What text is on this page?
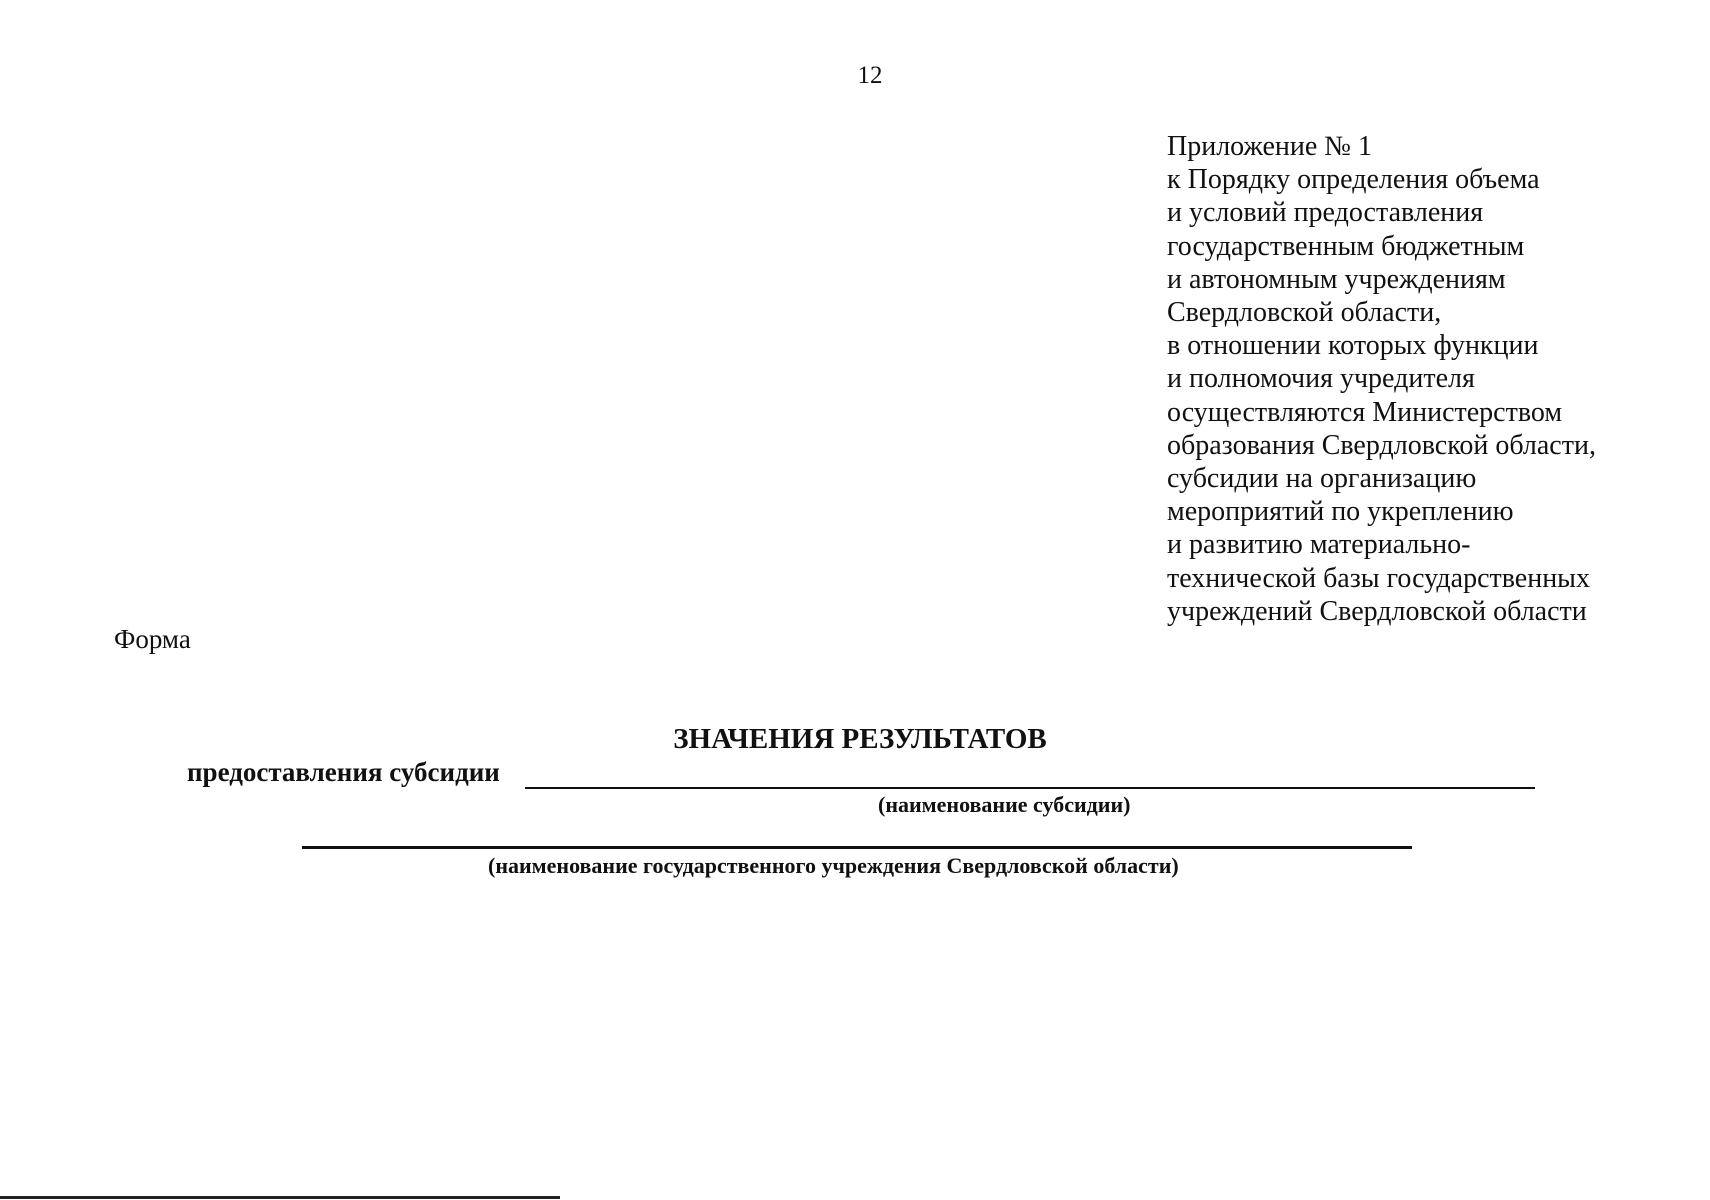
12
Приложение № 1
к Порядку определения объема
и условий предоставления
государственным бюджетным
и автономным учреждениям
Свердловской области,
в отношении которых функции
и полномочия учредителя
осуществляются Министерством
образования Свердловской области,
субсидии на организацию
мероприятий по укреплению
и развитию материально-
технической базы государственных
учреждений Свердловской области
Форма
ЗНАЧЕНИЯ РЕЗУЛЬТАТОВ
предоставления субсидии
(наименование субсидии)
(наименование государственного учреждения Свердловской области)
